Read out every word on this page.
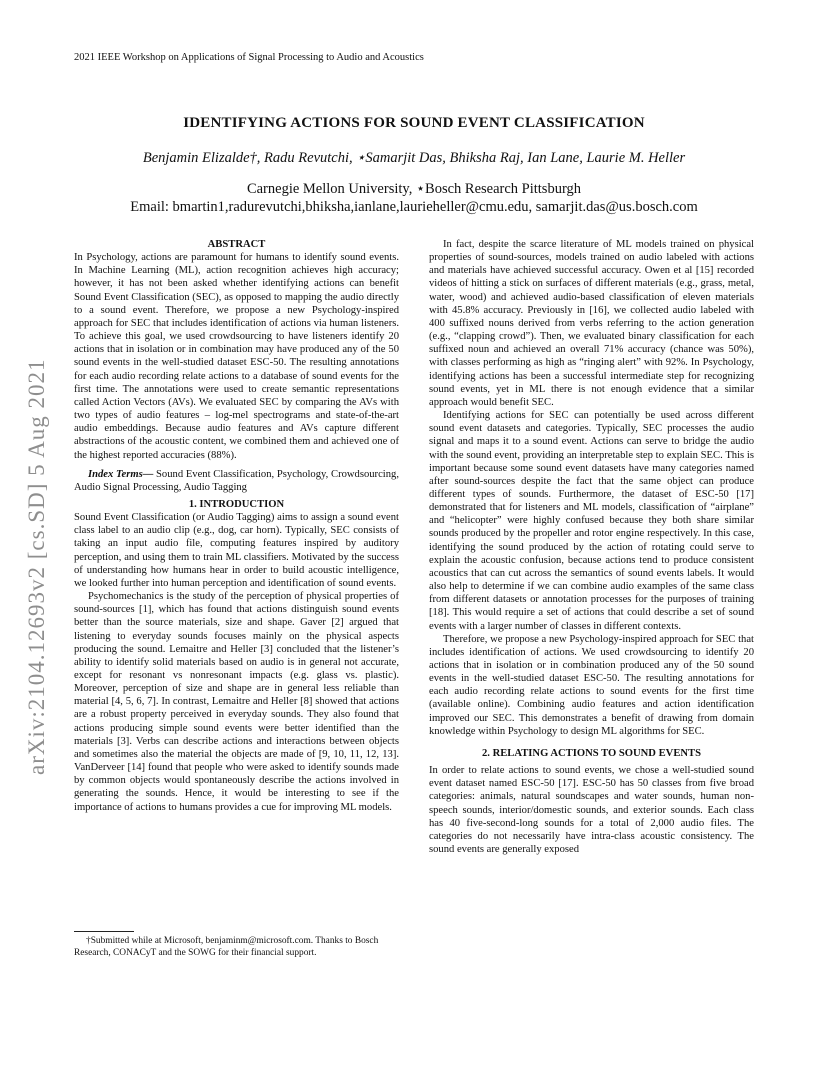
2021 IEEE Workshop on Applications of Signal Processing to Audio and Acoustics
IDENTIFYING ACTIONS FOR SOUND EVENT CLASSIFICATION
Benjamin Elizalde†, Radu Revutchi, ⋆Samarjit Das, Bhiksha Raj, Ian Lane, Laurie M. Heller
Carnegie Mellon University, ⋆Bosch Research Pittsburgh
Email: bmartin1,radurevutchi,bhiksha,ianlane,laurieheller@cmu.edu, samarjit.das@us.bosch.com
arXiv:2104.12693v2 [cs.SD] 5 Aug 2021

ABSTRACT

In Psychology, actions are paramount for humans to identify sound events. In Machine Learning (ML), action recognition achieves high accuracy; however, it has not been asked whether identifying actions can benefit Sound Event Classification (SEC), as opposed to mapping the audio directly to a sound event. Therefore, we propose a new Psychology-inspired approach for SEC that includes identification of actions via human listeners. To achieve this goal, we used crowdsourcing to have listeners identify 20 actions that in isolation or in combination may have produced any of the 50 sound events in the well-studied dataset ESC-50. The resulting annotations for each audio recording relate actions to a database of sound events for the first time. The annotations were used to create semantic representations called Action Vectors (AVs). We evaluated SEC by comparing the AVs with two types of audio features – log-mel spectrograms and state-of-the-art audio embeddings. Because audio features and AVs capture different abstractions of the acoustic content, we combined them and achieved one of the highest reported accuracies (88%).

Index Terms— Sound Event Classification, Psychology, Crowdsourcing, Audio Signal Processing, Audio Tagging

1. INTRODUCTION

Sound Event Classification (or Audio Tagging) aims to assign a sound event class label to an audio clip (e.g., dog, car horn). Typically, SEC consists of taking an input audio file, computing features inspired by auditory perception, and using them to train ML classifiers. Motivated by the success of understanding how humans hear in order to build acoustic intelligence, we looked further into human perception and identification of sound events.

Psychomechanics is the study of the perception of physical properties of sound-sources [1], which has found that actions distinguish sound events better than the source materials, size and shape. Gaver [2] argued that listening to everyday sounds focuses mainly on the physical aspects producing the sound. Lemaitre and Heller [3] concluded that the listener’s ability to identify solid materials based on audio is in general not accurate, except for resonant vs nonresonant impacts (e.g. glass vs. plastic). Moreover, perception of size and shape are in general less reliable than material [4, 5, 6, 7]. In contrast, Lemaitre and Heller [8] showed that actions are a robust property perceived in everyday sounds. They also found that actions producing simple sound events were better identified than the materials [3]. Verbs can describe actions and interactions between objects and sometimes also the material the objects are made of [9, 10, 11, 12, 13]. VanDerveer [14] found that people who were asked to identify sounds made by common objects would spontaneously describe the actions involved in generating the sounds. Hence, it would be interesting to see if the importance of actions to humans provides a cue for improving ML models.

†Submitted while at Microsoft, benjaminm@microsoft.com. Thanks to Bosch Research, CONACyT and the SOWG for their financial support.

In fact, despite the scarce literature of ML models trained on physical properties of sound-sources, models trained on audio labeled with actions and materials have achieved successful accuracy. Owen et al [15] recorded videos of hitting a stick on surfaces of different materials (e.g., grass, metal, water, wood) and achieved audio-based classification of eleven materials with 45.8% accuracy. Previously in [16], we collected audio labeled with 400 suffixed nouns derived from verbs referring to the action generation (e.g., “clapping crowd”). Then, we evaluated binary classification for each suffixed noun and achieved an overall 71% accuracy (chance was 50%), with classes performing as high as “ringing alert” with 92%. In Psychology, identifying actions has been a successful intermediate step for recognizing sound events, yet in ML there is not enough evidence that a similar approach would benefit SEC.

Identifying actions for SEC can potentially be used across different sound event datasets and categories. Typically, SEC processes the audio signal and maps it to a sound event. Actions can serve to bridge the audio with the sound event, providing an interpretable step to explain SEC. This is important because some sound event datasets have many categories named after sound-sources despite the fact that the same object can produce different types of sounds. Furthermore, the dataset of ESC-50 [17] demonstrated that for listeners and ML models, classification of “airplane” and “helicopter” were highly confused because they both share similar sounds produced by the propeller and rotor engine respectively. In this case, identifying the sound produced by the action of rotating could serve to explain the acoustic confusion, because actions tend to produce consistent acoustics that can cut across the semantics of sound events labels. It would also help to determine if we can combine audio examples of the same class from different datasets or annotation processes for the purposes of training [18]. This would require a set of actions that could describe a set of sound events with a larger number of classes in different contexts.

Therefore, we propose a new Psychology-inspired approach for SEC that includes identification of actions. We used crowdsourcing to identify 20 actions that in isolation or in combination produced any of the 50 sound events in the well-studied dataset ESC-50. The resulting annotations for each audio recording relate actions to sound events for the first time (available online). Combining audio features and action identification improved our SEC. This demonstrates a benefit of drawing from domain knowledge within Psychology to design ML algorithms for SEC.

2. RELATING ACTIONS TO SOUND EVENTS

In order to relate actions to sound events, we chose a well-studied sound event dataset named ESC-50 [17]. ESC-50 has 50 classes from five broad categories: animals, natural soundscapes and water sounds, human non-speech sounds, interior/domestic sounds, and exterior sounds. Each class has 40 five-second-long sounds for a total of 2,000 audio files. The categories do not necessarily have intra-class acoustic consistency. The sound events are generally exposed
